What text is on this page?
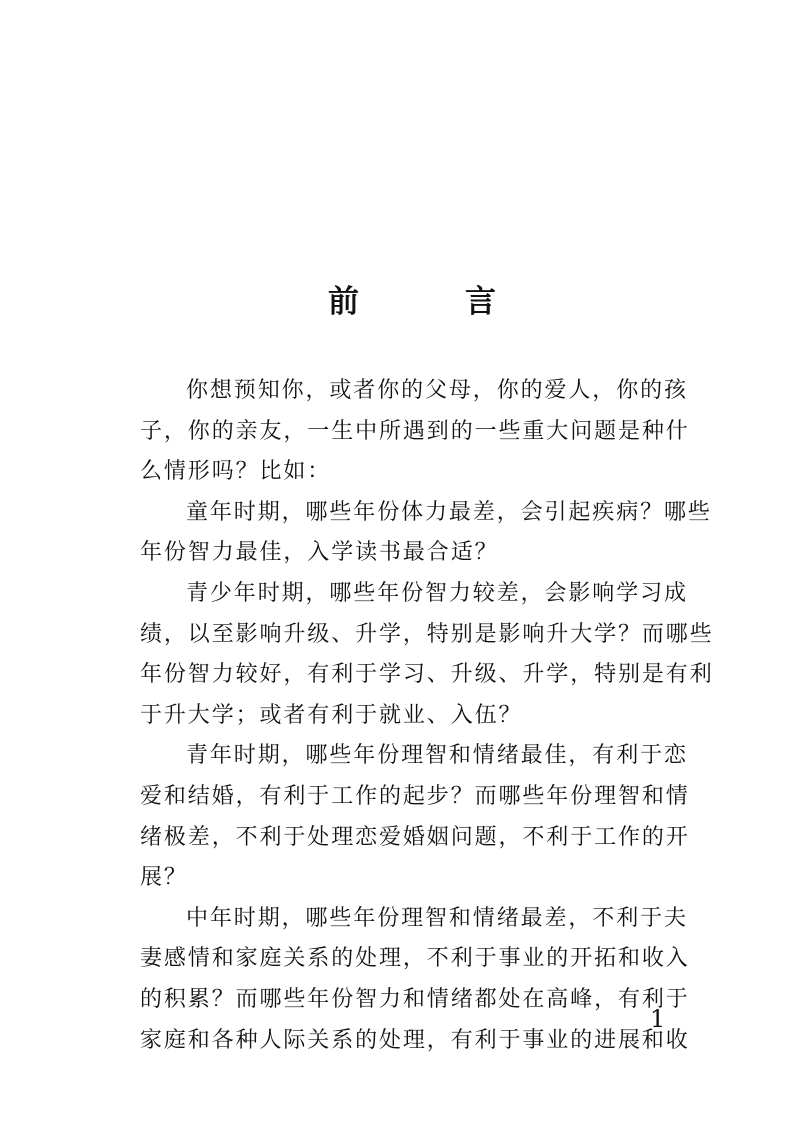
前	言
你想预知你，或者你的父母，你的爱人，你的孩
子，你的亲友，一生中所遇到的一些重大问题是种什
么情形吗？比如：
童年时期，哪些年份体力最差，会引起疾病？哪些
年份智力最佳，入学读书最合适？
青少年时期，哪些年份智力较差，会影响学习成
绩，以至影响升级、升学，特别是影响升大学？而哪些
年份智力较好，有利于学习、升级、升学，特别是有利
于升大学；或者有利于就业、入伍？
青年时期，哪些年份理智和情绪最佳，有利于恋
爱和结婚，有利于工作的起步？而哪些年份理智和情
绪极差，不利于处理恋爱婚姻问题，不利于工作的开
展？
中年时期，哪些年份理智和情绪最差，不利于夫
妻感情和家庭关系的处理，不利于事业的开拓和收入
的积累？而哪些年份智力和情绪都处在高峰，有利于
家庭和各种人际关系的处理，有利于事业的进展和收
1
